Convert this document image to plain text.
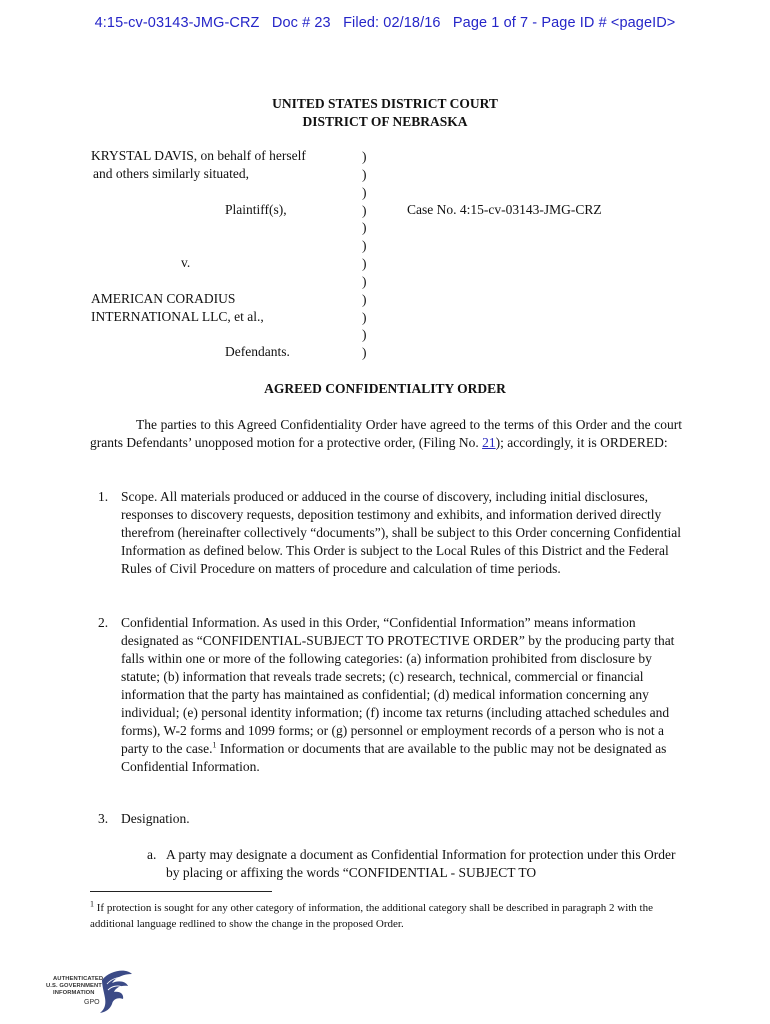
4:15-cv-03143-JMG-CRZ   Doc # 23   Filed: 02/18/16   Page 1 of 7 - Page ID # <pageID>
UNITED STATES DISTRICT COURT
DISTRICT OF NEBRASKA
KRYSTAL DAVIS, on behalf of herself
and others similarly situated,
Plaintiff(s),
v.
AMERICAN CORADIUS
INTERNATIONAL LLC, et al.,
Defendants.
Case No. 4:15-cv-03143-JMG-CRZ
)
)
)
)
)
)
)
)
)
)
)
)
AGREED CONFIDENTIALITY ORDER

The parties to this Agreed Confidentiality Order have agreed to the terms of this Order and the court grants Defendants’ unopposed motion for a protective order, (Filing No. 21); accordingly, it is ORDERED:

1. Scope. All materials produced or adduced in the course of discovery, including initial disclosures, responses to discovery requests, deposition testimony and exhibits, and information derived directly therefrom (hereinafter collectively “documents”), shall be subject to this Order concerning Confidential Information as defined below. This Order is subject to the Local Rules of this District and the Federal Rules of Civil Procedure on matters of procedure and calculation of time periods.
2. Confidential Information. As used in this Order, “Confidential Information” means information designated as “CONFIDENTIAL-SUBJECT TO PROTECTIVE ORDER” by the producing party that falls within one or more of the following categories: (a) information prohibited from disclosure by statute; (b) information that reveals trade secrets; (c) research, technical, commercial or financial information that the party has maintained as confidential; (d) medical information concerning any individual; (e) personal identity information; (f) income tax returns (including attached schedules and forms), W-2 forms and 1099 forms; or (g) personnel or employment records of a person who is not a party to the case.$^1$ Information or documents that are available to the public may not be designated as Confidential Information.
3. Designation.
a. A party may designate a document as Confidential Information for protection under this Order by placing or affixing the words “CONFIDENTIAL - SUBJECT TO
$^1$ If protection is sought for any other category of information, the additional category shall be described in paragraph 2 with the additional language redlined to show the change in the proposed Order.
AUTHENTICATED
U.S. GOVERNMENT
INFORMATION
GPO
